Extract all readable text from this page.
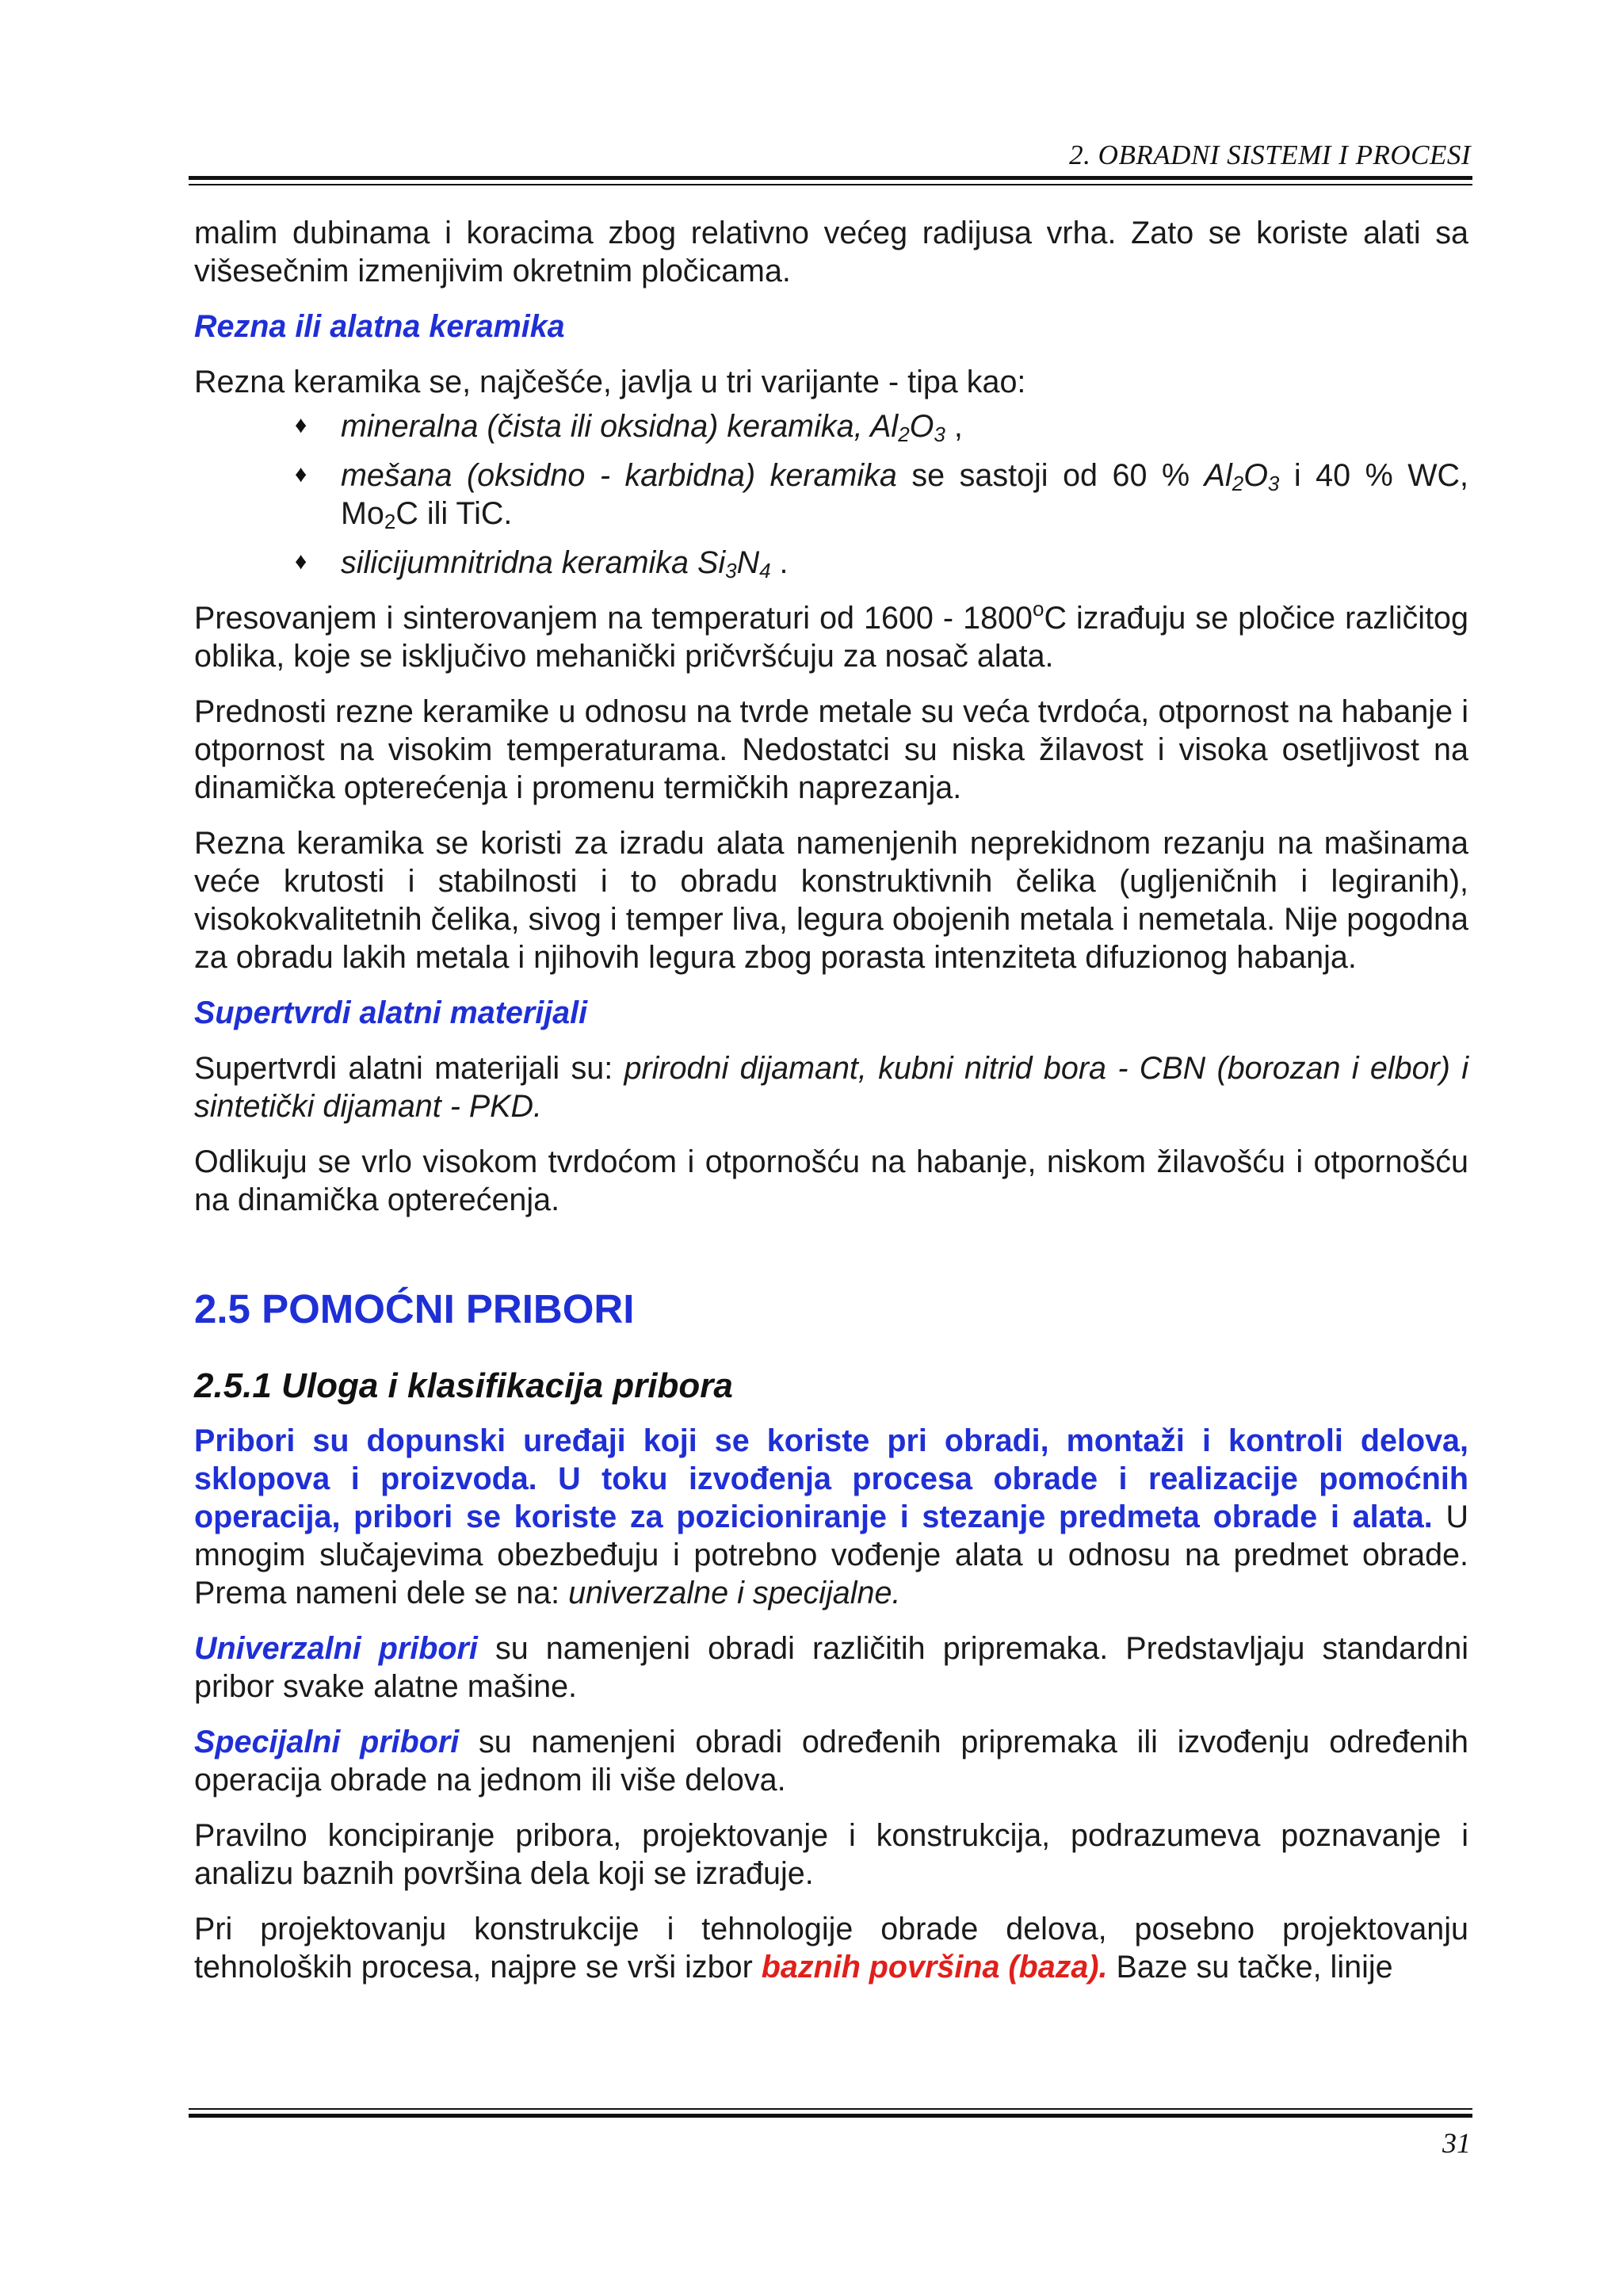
2. OBRADNI SISTEMI I PROCESI

malim dubinama i koracima zbog relativno većeg radijusa vrha. Zato se koriste alati sa višesečnim izmenjivim okretnim pločicama.

Rezna ili alatna keramika

Rezna keramika se, najčešće, javlja u tri varijante - tipa kao:

♦ mineralna (čista ili oksidna) keramika, $Al_2O_3$ ,
♦ mešana (oksidno - karbidna) keramika se sastoji od 60 % $Al_2O_3$ i 40 % WC, $Mo_2C$ ili TiC.
♦ silicijumnitridna keramika $Si_3N_4$ .

Presovanjem i sinterovanjem na temperaturi od 1600 - 1800$^o$C izrađuju se pločice različitog oblika, koje se isključivo mehanički pričvršćuju za nosač alata.

Prednosti rezne keramike u odnosu na tvrde metale su veća tvrdoća, otpornost na habanje i otpornost na visokim temperaturama. Nedostatci su niska žilavost i visoka osetljivost na dinamička opterećenja i promenu termičkih naprezanja.

Rezna keramika se koristi za izradu alata namenjenih neprekidnom rezanju na mašinama veće krutosti i stabilnosti i to obradu konstruktivnih čelika (ugljeničnih i legiranih), visokokvalitetnih čelika, sivog i temper liva, legura obojenih metala i nemetala. Nije pogodna za obradu lakih metala i njihovih legura zbog porasta intenziteta difuzionog habanja.

Supertvrdi alatni materijali

Supertvrdi alatni materijali su: prirodni dijamant, kubni nitrid bora - CBN (borozan i elbor) i sintetički dijamant - PKD.

Odlikuju se vrlo visokom tvrdoćom i otpornošću na habanje, niskom žilavošću i otpornošću na dinamička opterećenja.

2.5 POMOĆNI PRIBORI
2.5.1 Uloga i klasifikacija pribora

Pribori su dopunski uređaji koji se koriste pri obradi, montaži i kontroli delova, sklopova i proizvoda. U toku izvođenja procesa obrade i realizacije pomoćnih operacija, pribori se koriste za pozicioniranje i stezanje predmeta obrade i alata. U mnogim slučajevima obezbeđuju i potrebno vođenje alata u odnosu na predmet obrade. Prema nameni dele se na: univerzalne i specijalne.

Univerzalni pribori su namenjeni obradi različitih pripremaka. Predstavljaju standardni pribor svake alatne mašine.

Specijalni pribori su namenjeni obradi određenih pripremaka ili izvođenju određenih operacija obrade na jednom ili više delova.

Pravilno koncipiranje pribora, projektovanje i konstrukcija, podrazumeva poznavanje i analizu baznih površina dela koji se izrađuje.

Pri projektovanju konstrukcije i tehnologije obrade delova, posebno projektovanju tehnoloških procesa, najpre se vrši izbor baznih površina (baza). Baze su tačke, linije

31
